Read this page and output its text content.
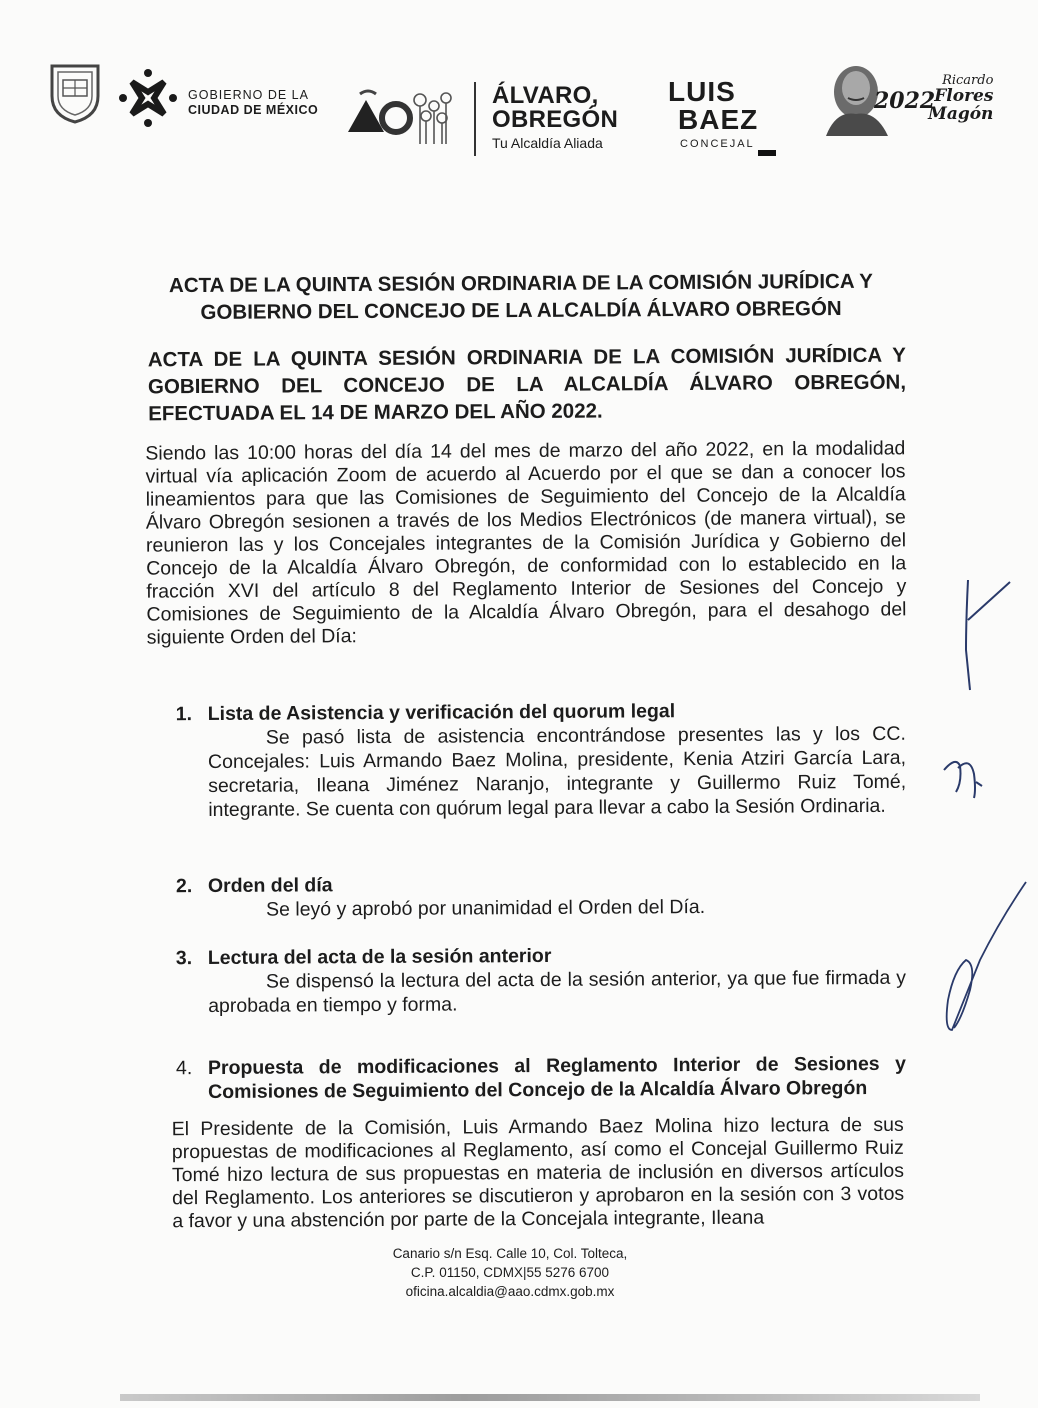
GOBIERNO DE LA
CIUDAD DE MÉXICO
ÁLVARO,
OBREGÓN
Tu Alcaldía Aliada
LUIS
BAEZ
CONCEJAL
2022
Ricardo
Flores
Magón
ACTA DE LA QUINTA SESIÓN ORDINARIA DE LA COMISIÓN JURÍDICA Y GOBIERNO DEL CONCEJO DE LA ALCALDÍA ÁLVARO OBREGÓN
ACTA DE LA QUINTA SESIÓN ORDINARIA DE LA COMISIÓN JURÍDICA Y GOBIERNO DEL CONCEJO DE LA ALCALDÍA ÁLVARO OBREGÓN, EFECTUADA EL 14 DE MARZO DEL AÑO 2022.
Siendo las 10:00 horas del día 14 del mes de marzo del año 2022, en la modalidad virtual vía aplicación Zoom de acuerdo al Acuerdo por el que se dan a conocer los lineamientos para que las Comisiones de Seguimiento del Concejo de la Alcaldía Álvaro Obregón sesionen a través de los Medios Electrónicos (de manera virtual), se reunieron las y los Concejales integrantes de la Comisión Jurídica y Gobierno del Concejo de la Alcaldía Álvaro Obregón, de conformidad con lo establecido en la fracción XVI del artículo 8 del Reglamento Interior de Sesiones del Concejo y Comisiones de Seguimiento de la Alcaldía Álvaro Obregón, para el desahogo del siguiente Orden del Día:
1. Lista de Asistencia y verificación del quorum legal
Se pasó lista de asistencia encontrándose presentes las y los CC. Concejales: Luis Armando Baez Molina, presidente, Kenia Atziri García Lara, secretaria, Ileana Jiménez Naranjo, integrante y Guillermo Ruiz Tomé, integrante. Se cuenta con quórum legal para llevar a cabo la Sesión Ordinaria.
2. Orden del día
Se leyó y aprobó por unanimidad el Orden del Día.
3. Lectura del acta de la sesión anterior
Se dispensó la lectura del acta de la sesión anterior, ya que fue firmada y aprobada en tiempo y forma.
4. Propuesta de modificaciones al Reglamento Interior de Sesiones y Comisiones de Seguimiento del Concejo de la Alcaldía Álvaro Obregón
El Presidente de la Comisión, Luis Armando Baez Molina hizo lectura de sus propuestas de modificaciones al Reglamento, así como el Concejal Guillermo Ruiz Tomé hizo lectura de sus propuestas en materia de inclusión en diversos artículos del Reglamento. Los anteriores se discutieron y aprobaron en la sesión con 3 votos a favor y una abstención por parte de la Concejala integrante, Ileana
Canario s/n Esq. Calle 10, Col. Tolteca,
C.P. 01150, CDMX|55 5276 6700
oficina.alcaldia@aao.cdmx.gob.mx
